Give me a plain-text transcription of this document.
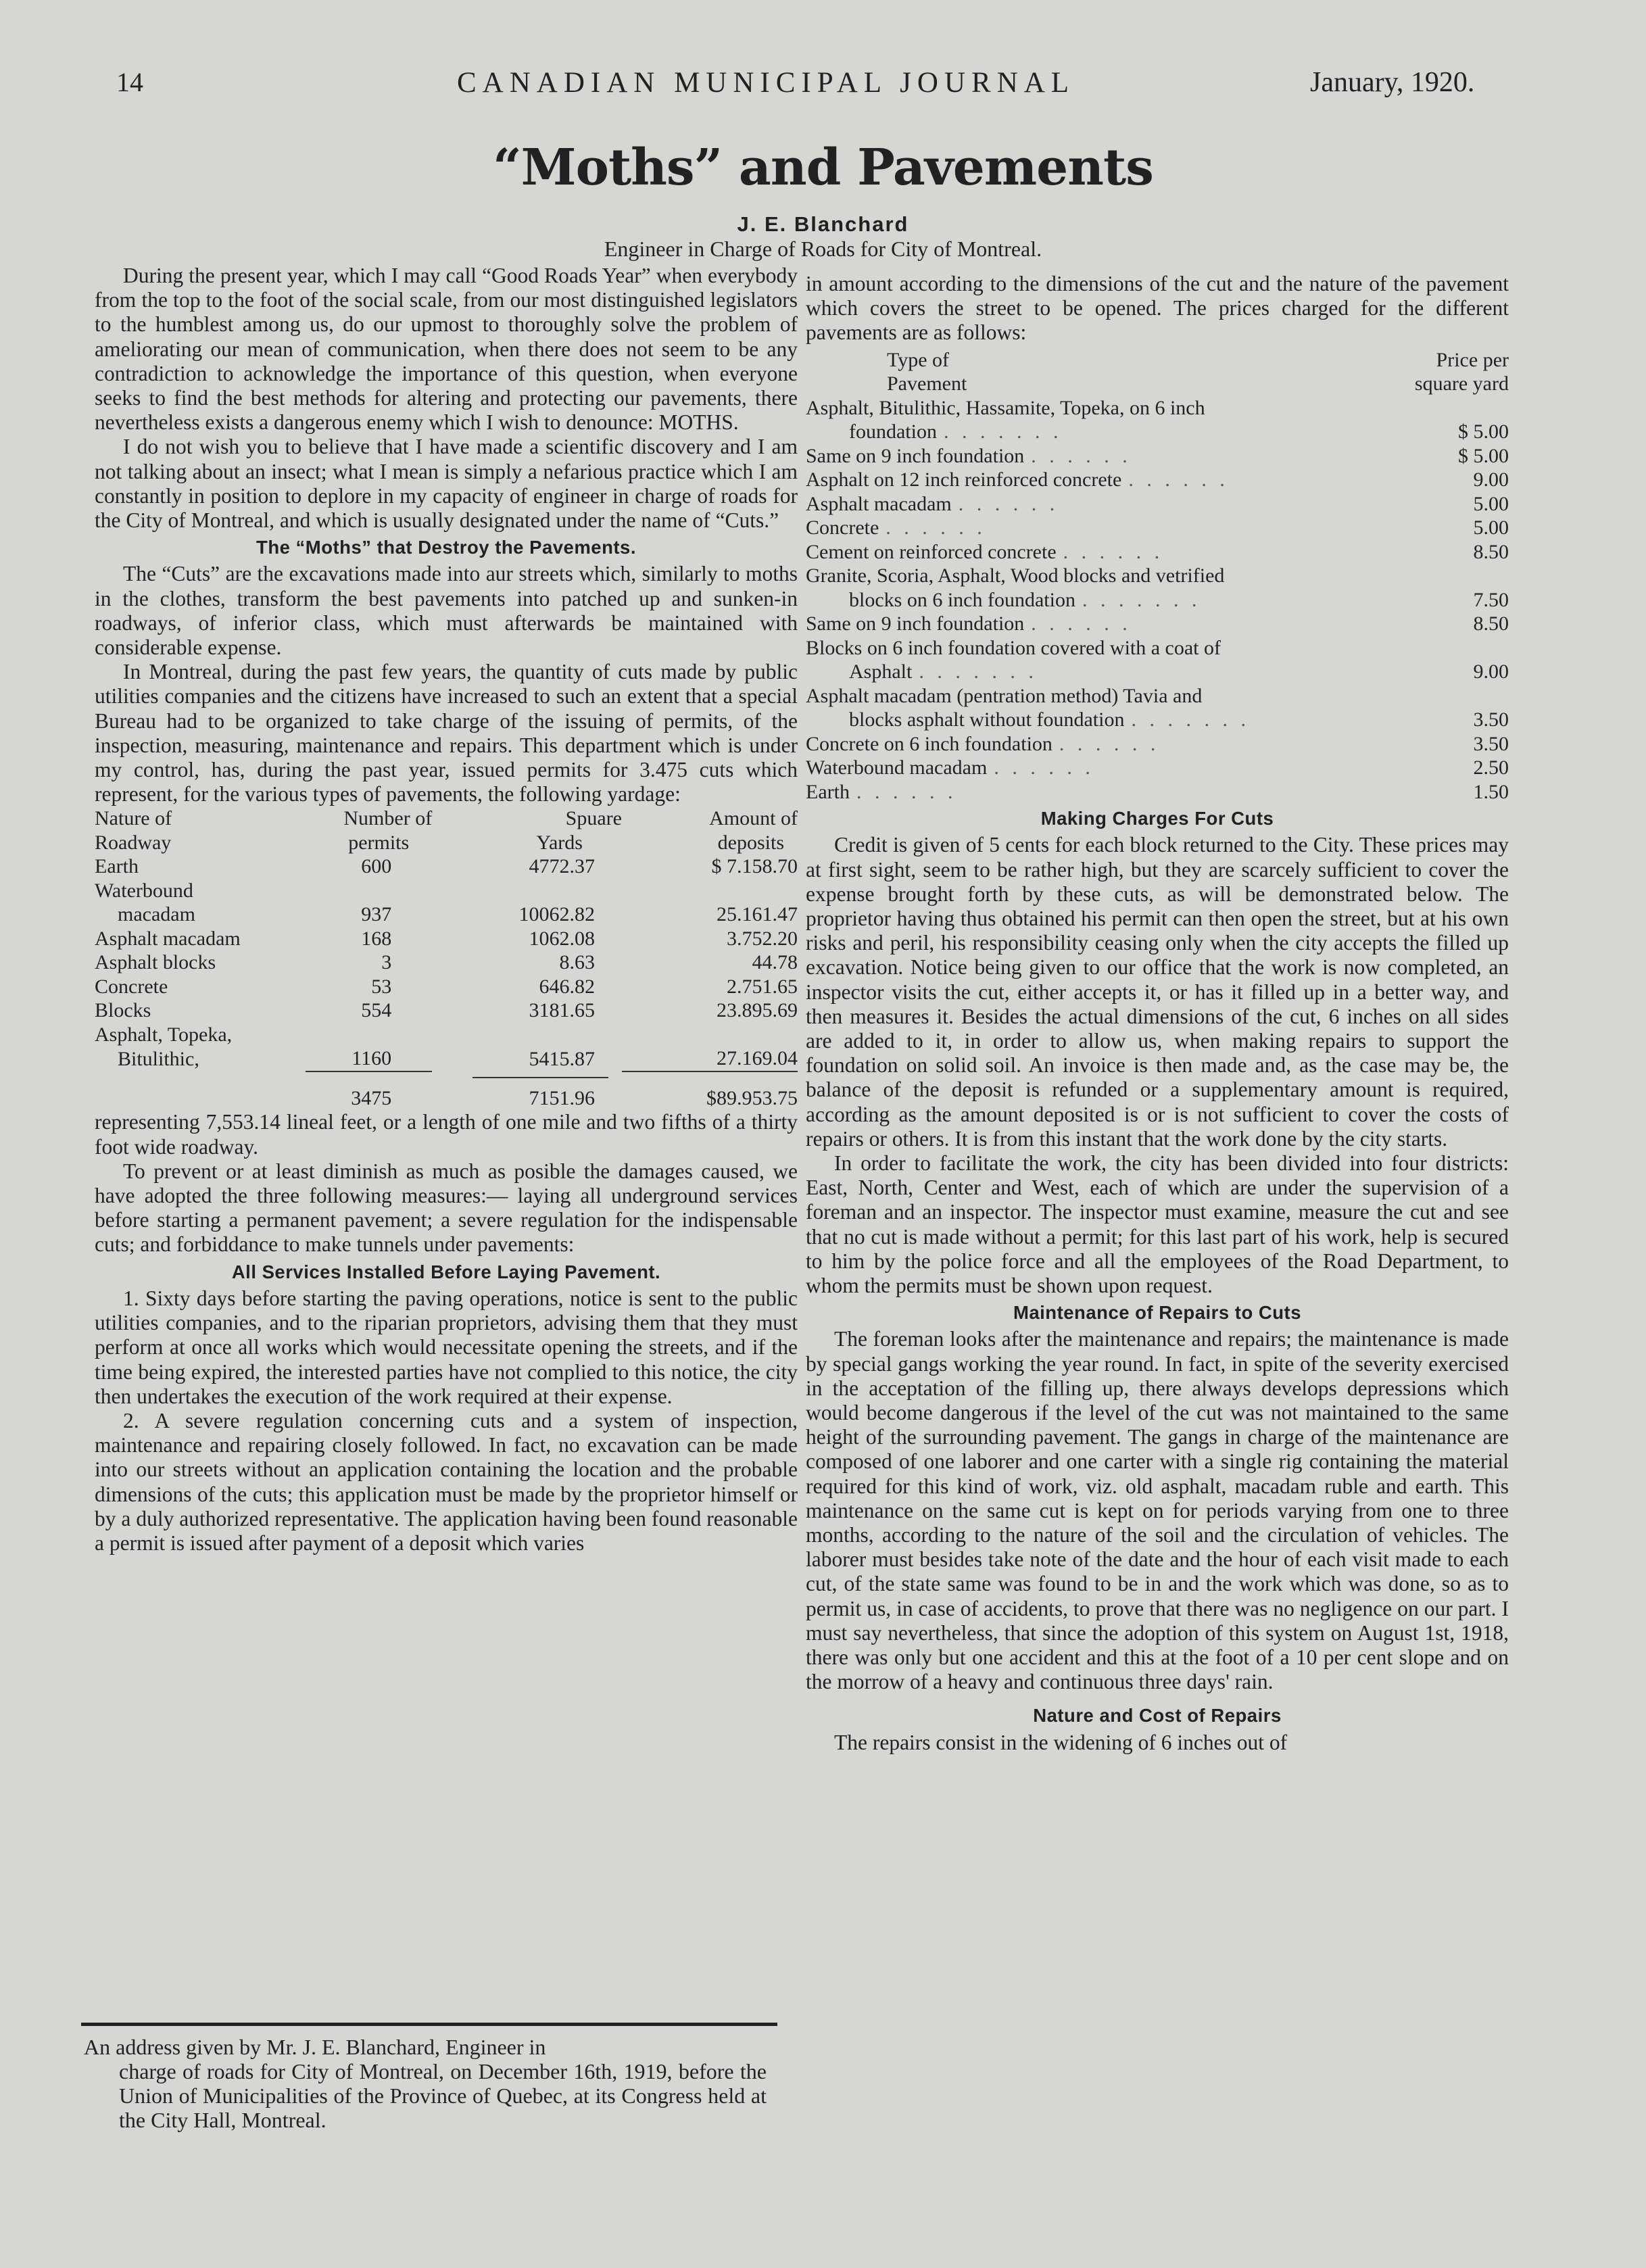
14	CANADIAN MUNICIPAL JOURNAL	January, 1920.
“Moths” and Pavements
J. E. Blanchard
Engineer in Charge of Roads for City of Montreal.

During the present year, which I may call “Good Roads Year” when everybody from the top to the foot of the social scale, from our most distinguished legislators to the humblest among us, do our upmost to thoroughly solve the problem of ameliorating our mean of communication, when there does not seem to be any contradiction to acknowledge the importance of this question, when everyone seeks to find the best methods for altering and protecting our pavements, there nevertheless exists a dangerous enemy which I wish to denounce: MOTHS.

I do not wish you to believe that I have made a scientific discovery and I am not talking about an insect; what I mean is simply a nefarious practice which I am constantly in position to deplore in my capacity of engineer in charge of roads for the City of Montreal, and which is usually designated under the name of “Cuts.”

The “Moths” that Destroy the Pavements.

The “Cuts” are the excavations made into aur streets which, similarly to moths in the clothes, transform the best pavements into patched up and sunken-in roadways, of inferior class, which must afterwards be maintained with considerable expense.

In Montreal, during the past few years, the quantity of cuts made by public utilities companies and the citizens have increased to such an extent that a special Bureau had to be organized to take charge of the issuing of permits, of the inspection, measuring, maintenance and repairs. This department which is under my control, has, during the past year, issued permits for 3.475 cuts which represent, for the various types of pavements, the following yardage:

Nature of	Number of	Spuare	Amount of
Roadway	permits	Yards	deposits
Earth	600	4772.37	$ 7.158.70
Waterbound			
macadam	937	10062.82	25.161.47
Asphalt macadam	168	1062.08	3.752.20
Asphalt blocks	3	8.63	44.78
Concrete	53	646.82	2.751.65
Blocks	554	3181.65	23.895.69
Asphalt, Topeka,			
Bitulithic,	1160	5415.87	27.169.04

	3475	7151.96	$89.953.75

representing 7,553.14 lineal feet, or a length of one mile and two fifths of a thirty foot wide roadway.

To prevent or at least diminish as much as posible the damages caused, we have adopted the three following measures:— laying all underground services before starting a permanent pavement; a severe regulation for the indispensable cuts; and forbiddance to make tunnels under pavements:

All Services Installed Before Laying Pavement.

1. Sixty days before starting the paving operations, notice is sent to the public utilities companies, and to the riparian proprietors, advising them that they must perform at once all works which would necessitate opening the streets, and if the time being expired, the interested parties have not complied to this notice, the city then undertakes the execution of the work required at their expense.

2. A severe regulation concerning cuts and a system of inspection, maintenance and repairing closely followed. In fact, no excavation can be made into our streets without an application containing the location and the probable dimensions of the cuts; this application must be made by the proprietor himself or by a duly authorized representative. The application having been found reasonable a permit is issued after payment of a deposit which varies

An address given by Mr. J. E. Blanchard, Engineer in
charge of roads for City of Montreal, on December 16th, 1919, before the Union of Municipalities of the Province of Quebec, at its Congress held at the City Hall, Montreal.

in amount according to the dimensions of the cut and the nature of the pavement which covers the street to be opened. The prices charged for the different pavements are as follows:

Type of	Price per
Pavement	square yard
Asphalt, Bitulithic, Hassamite, Topeka, on 6 inch	
foundation . . . . . . .	$ 5.00
Same on 9 inch foundation . . . . . .	$ 5.00
Asphalt on 12 inch reinforced concrete . . . . . .	9.00
Asphalt macadam . . . . . .	5.00
Concrete . . . . . .	5.00
Cement on reinforced concrete . . . . . .	8.50
Granite, Scoria, Asphalt, Wood blocks and vetrified	
blocks on 6 inch foundation . . . . . . .	7.50
Same on 9 inch foundation . . . . . .	8.50
Blocks on 6 inch foundation covered with a coat of	
Asphalt . . . . . . .	9.00
Asphalt macadam (pentration method) Tavia and	
blocks asphalt without foundation . . . . . . .	3.50
Concrete on 6 inch foundation . . . . . .	3.50
Waterbound macadam . . . . . .	2.50
Earth . . . . . .	1.50
Making Charges For Cuts

Credit is given of 5 cents for each block returned to the City. These prices may at first sight, seem to be rather high, but they are scarcely sufficient to cover the expense brought forth by these cuts, as will be demonstrated below. The proprietor having thus obtained his permit can then open the street, but at his own risks and peril, his responsibility ceasing only when the city accepts the filled up excavation. Notice being given to our office that the work is now completed, an inspector visits the cut, either accepts it, or has it filled up in a better way, and then measures it. Besides the actual dimensions of the cut, 6 inches on all sides are added to it, in order to allow us, when making repairs to support the foundation on solid soil. An invoice is then made and, as the case may be, the balance of the deposit is refunded or a supplementary amount is required, according as the amount deposited is or is not sufficient to cover the costs of repairs or others. It is from this instant that the work done by the city starts.

In order to facilitate the work, the city has been divided into four districts: East, North, Center and West, each of which are under the supervision of a foreman and an inspector. The inspector must examine, measure the cut and see that no cut is made without a permit; for this last part of his work, help is secured to him by the police force and all the employees of the Road Department, to whom the permits must be shown upon request.

Maintenance of Repairs to Cuts

The foreman looks after the maintenance and repairs; the maintenance is made by special gangs working the year round. In fact, in spite of the severity exercised in the acceptation of the filling up, there always develops depressions which would become dangerous if the level of the cut was not maintained to the same height of the surrounding pavement. The gangs in charge of the maintenance are composed of one laborer and one carter with a single rig containing the material required for this kind of work, viz. old asphalt, macadam ruble and earth. This maintenance on the same cut is kept on for periods varying from one to three months, according to the nature of the soil and the circulation of vehicles. The laborer must besides take note of the date and the hour of each visit made to each cut, of the state same was found to be in and the work which was done, so as to permit us, in case of accidents, to prove that there was no negligence on our part. I must say nevertheless, that since the adoption of this system on August 1st, 1918, there was only but one accident and this at the foot of a 10 per cent slope and on the morrow of a heavy and continuous three days' rain.

Nature and Cost of Repairs

The repairs consist in the widening of 6 inches out of
